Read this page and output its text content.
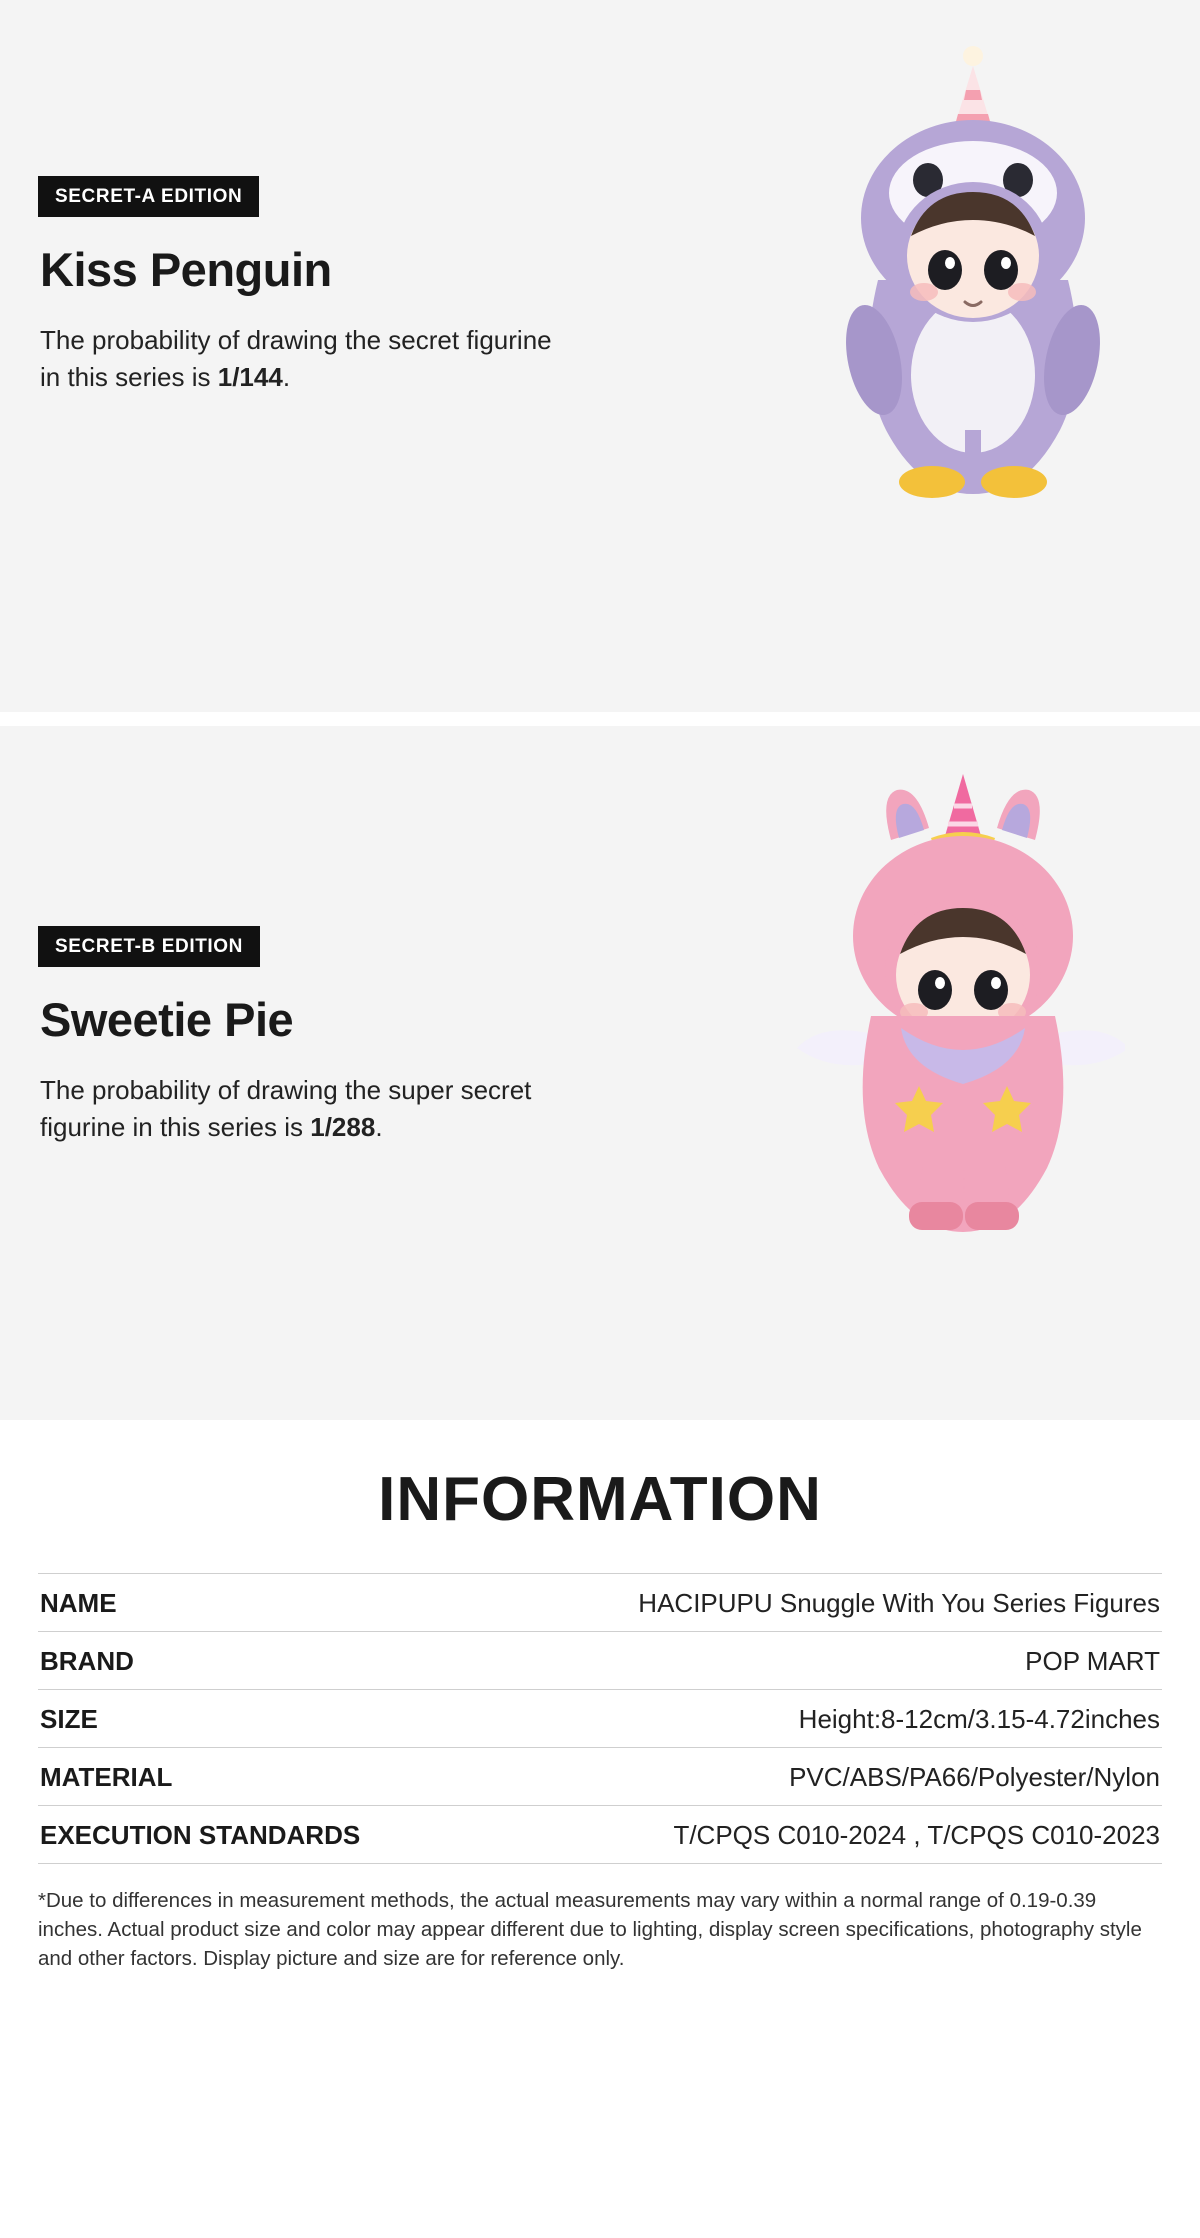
SECRET-A EDITION
Kiss Penguin

The probability of drawing the secret figurine in this series is 1/144.

SECRET-B EDITION
Sweetie Pie

The probability of drawing the super secret figurine in this series is 1/288.

INFORMATION
NAME	HACIPUPU Snuggle With You Series Figures
BRAND	POP MART
SIZE	Height:8-12cm/3.15-4.72inches
MATERIAL	PVC/ABS/PA66/Polyester/Nylon
EXECUTION STANDARDS	T/CPQS C010-2024 , T/CPQS C010-2023

*Due to differences in measurement methods, the actual measurements may vary within a normal range of 0.19-0.39 inches. Actual product size and color may appear different due to lighting, display screen specifications, photography style and other factors. Display picture and size are for reference only.
